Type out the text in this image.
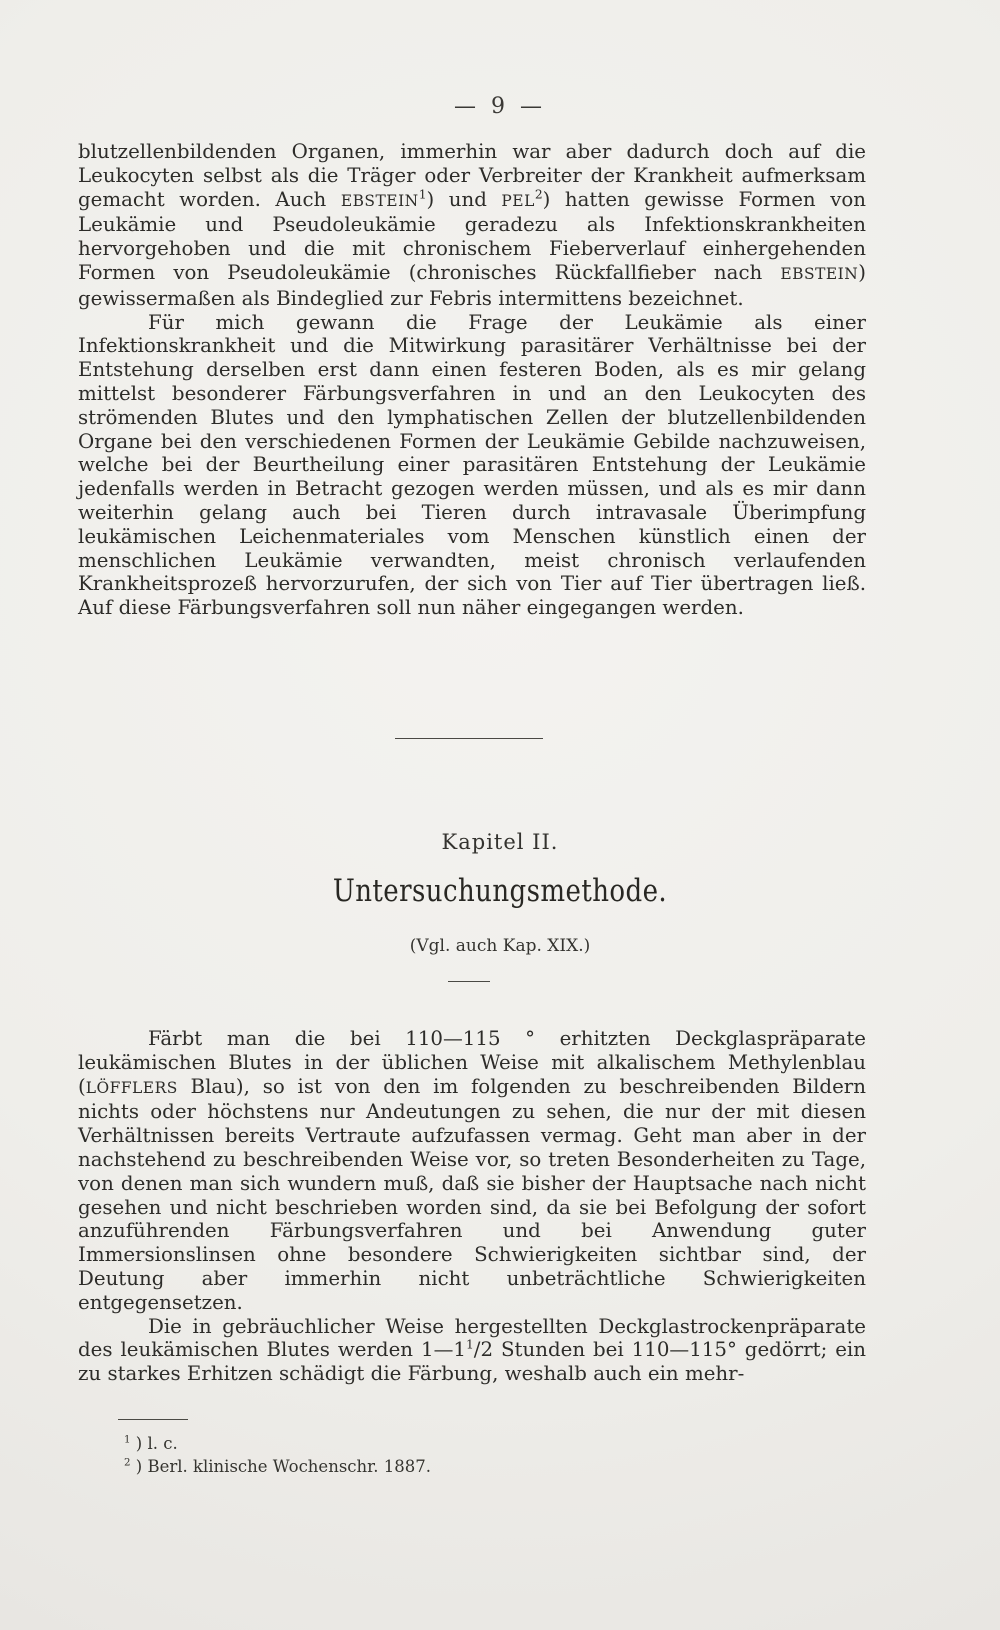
— 9 —

blutzellenbildenden Organen, immerhin war aber dadurch doch auf die Leukocyten selbst als die Träger oder Verbreiter der Krankheit aufmerksam gemacht worden. Auch EBSTEIN$^1$) und PEL$^2$) hatten gewisse Formen von Leukämie und Pseudoleukämie geradezu als Infektionskrankheiten hervorgehoben und die mit chronischem Fieberverlauf einhergehenden Formen von Pseudoleukämie (chronisches Rückfallfieber nach EBSTEIN) gewissermaßen als Bindeglied zur Febris intermittens bezeichnet.

Für mich gewann die Frage der Leukämie als einer Infektionskrankheit und die Mitwirkung parasitärer Verhältnisse bei der Entstehung derselben erst dann einen festeren Boden, als es mir gelang mittelst besonderer Färbungsverfahren in und an den Leukocyten des strömenden Blutes und den lymphatischen Zellen der blutzellenbildenden Organe bei den verschiedenen Formen der Leukämie Gebilde nachzuweisen, welche bei der Beurtheilung einer parasitären Entstehung der Leukämie jedenfalls werden in Betracht gezogen werden müssen, und als es mir dann weiterhin gelang auch bei Tieren durch intravasale Überimpfung leukämischen Leichenmateriales vom Menschen künstlich einen der menschlichen Leukämie verwandten, meist chronisch verlaufenden Krankheitsprozeß hervorzurufen, der sich von Tier auf Tier übertragen ließ. Auf diese Färbungsverfahren soll nun näher eingegangen werden.

Kapitel II.
Untersuchungsmethode.
(Vgl. auch Kap. XIX.)

Färbt man die bei 110—115 ° erhitzten Deckglaspräparate leukämischen Blutes in der üblichen Weise mit alkalischem Methylenblau (LÖFFLERS Blau), so ist von den im folgenden zu beschreibenden Bildern nichts oder höchstens nur Andeutungen zu sehen, die nur der mit diesen Verhältnissen bereits Vertraute aufzufassen vermag. Geht man aber in der nachstehend zu beschreibenden Weise vor, so treten Besonderheiten zu Tage, von denen man sich wundern muß, daß sie bisher der Hauptsache nach nicht gesehen und nicht beschrieben worden sind, da sie bei Befolgung der sofort anzuführenden Färbungsverfahren und bei Anwendung guter Immersionslinsen ohne besondere Schwierigkeiten sichtbar sind, der Deutung aber immerhin nicht unbeträchtliche Schwierigkeiten entgegensetzen.

Die in gebräuchlicher Weise hergestellten Deckglastrockenpräparate des leukämischen Blutes werden $1—1^1/2$ Stunden bei 110—115° gedörrt; ein zu starkes Erhitzen schädigt die Färbung, weshalb auch ein mehr-

$^1$ ) l. c.
$^2$ ) Berl. klinische Wochenschr. 1887.
